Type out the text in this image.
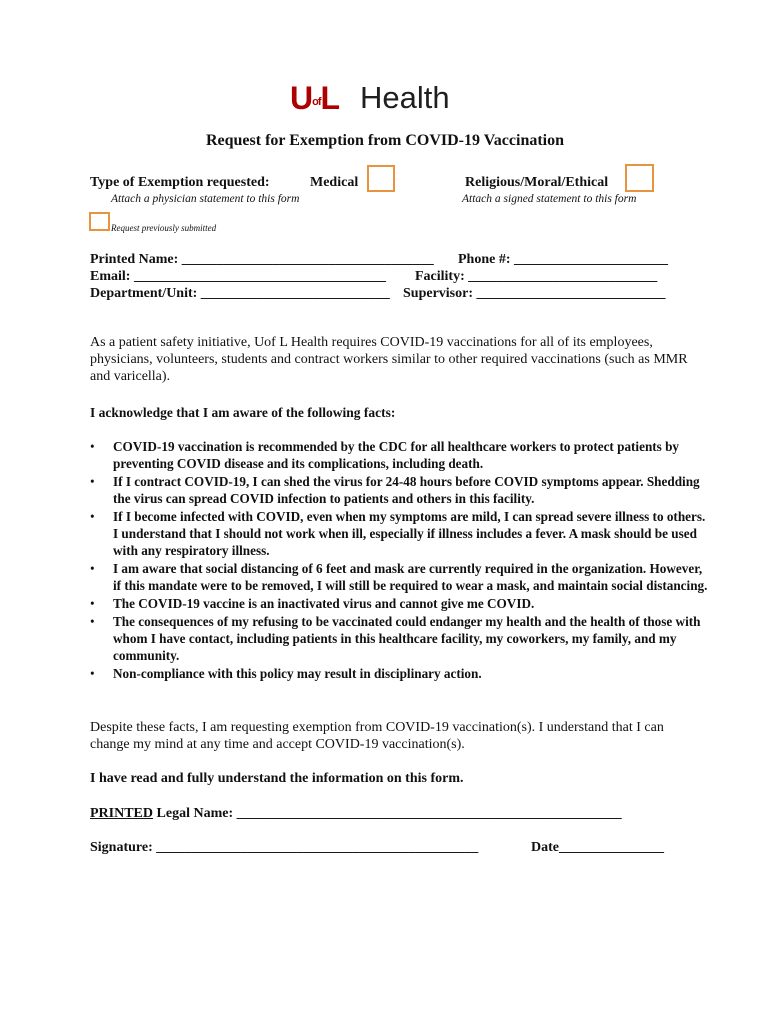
$U^{of}L$ Health
Request for Exemption from COVID-19 Vaccination
Type of Exemption requested:	Medical	Religious/Moral/Ethical
Attach a physician statement to this form	Attach a signed statement to this form
Request previously submitted
Printed Name: ____________________________________ Phone #: ______________________
Email: ____________________________________ Facility: ___________________________
Department/Unit: ___________________________ Supervisor: ___________________________
As a patient safety initiative, Uof L Health requires COVID-19 vaccinations for all of its employees, physicians, volunteers, students and contract workers similar to other required vaccinations (such as MMR and varicella).
I acknowledge that I am aware of the following facts:
• COVID-19 vaccination is recommended by the CDC for all healthcare workers to protect patients by preventing COVID disease and its complications, including death.
• If I contract COVID-19, I can shed the virus for 24-48 hours before COVID symptoms appear. Shedding the virus can spread COVID infection to patients and others in this facility.
• If I become infected with COVID, even when my symptoms are mild, I can spread severe illness to others. I understand that I should not work when ill, especially if illness includes a fever. A mask should be used with any respiratory illness.
• I am aware that social distancing of 6 feet and mask are currently required in the organization. However, if this mandate were to be removed, I will still be required to wear a mask, and maintain social distancing.
• The COVID-19 vaccine is an inactivated virus and cannot give me COVID.
• The consequences of my refusing to be vaccinated could endanger my health and the health of those with whom I have contact, including patients in this healthcare facility, my coworkers, my family, and my community.
• Non-compliance with this policy may result in disciplinary action.
Despite these facts, I am requesting exemption from COVID-19 vaccination(s). I understand that I can change my mind at any time and accept COVID-19 vaccination(s).
I have read and fully understand the information on this form.
PRINTED Legal Name: _______________________________________________________
Signature: ______________________________________________	Date_______________
